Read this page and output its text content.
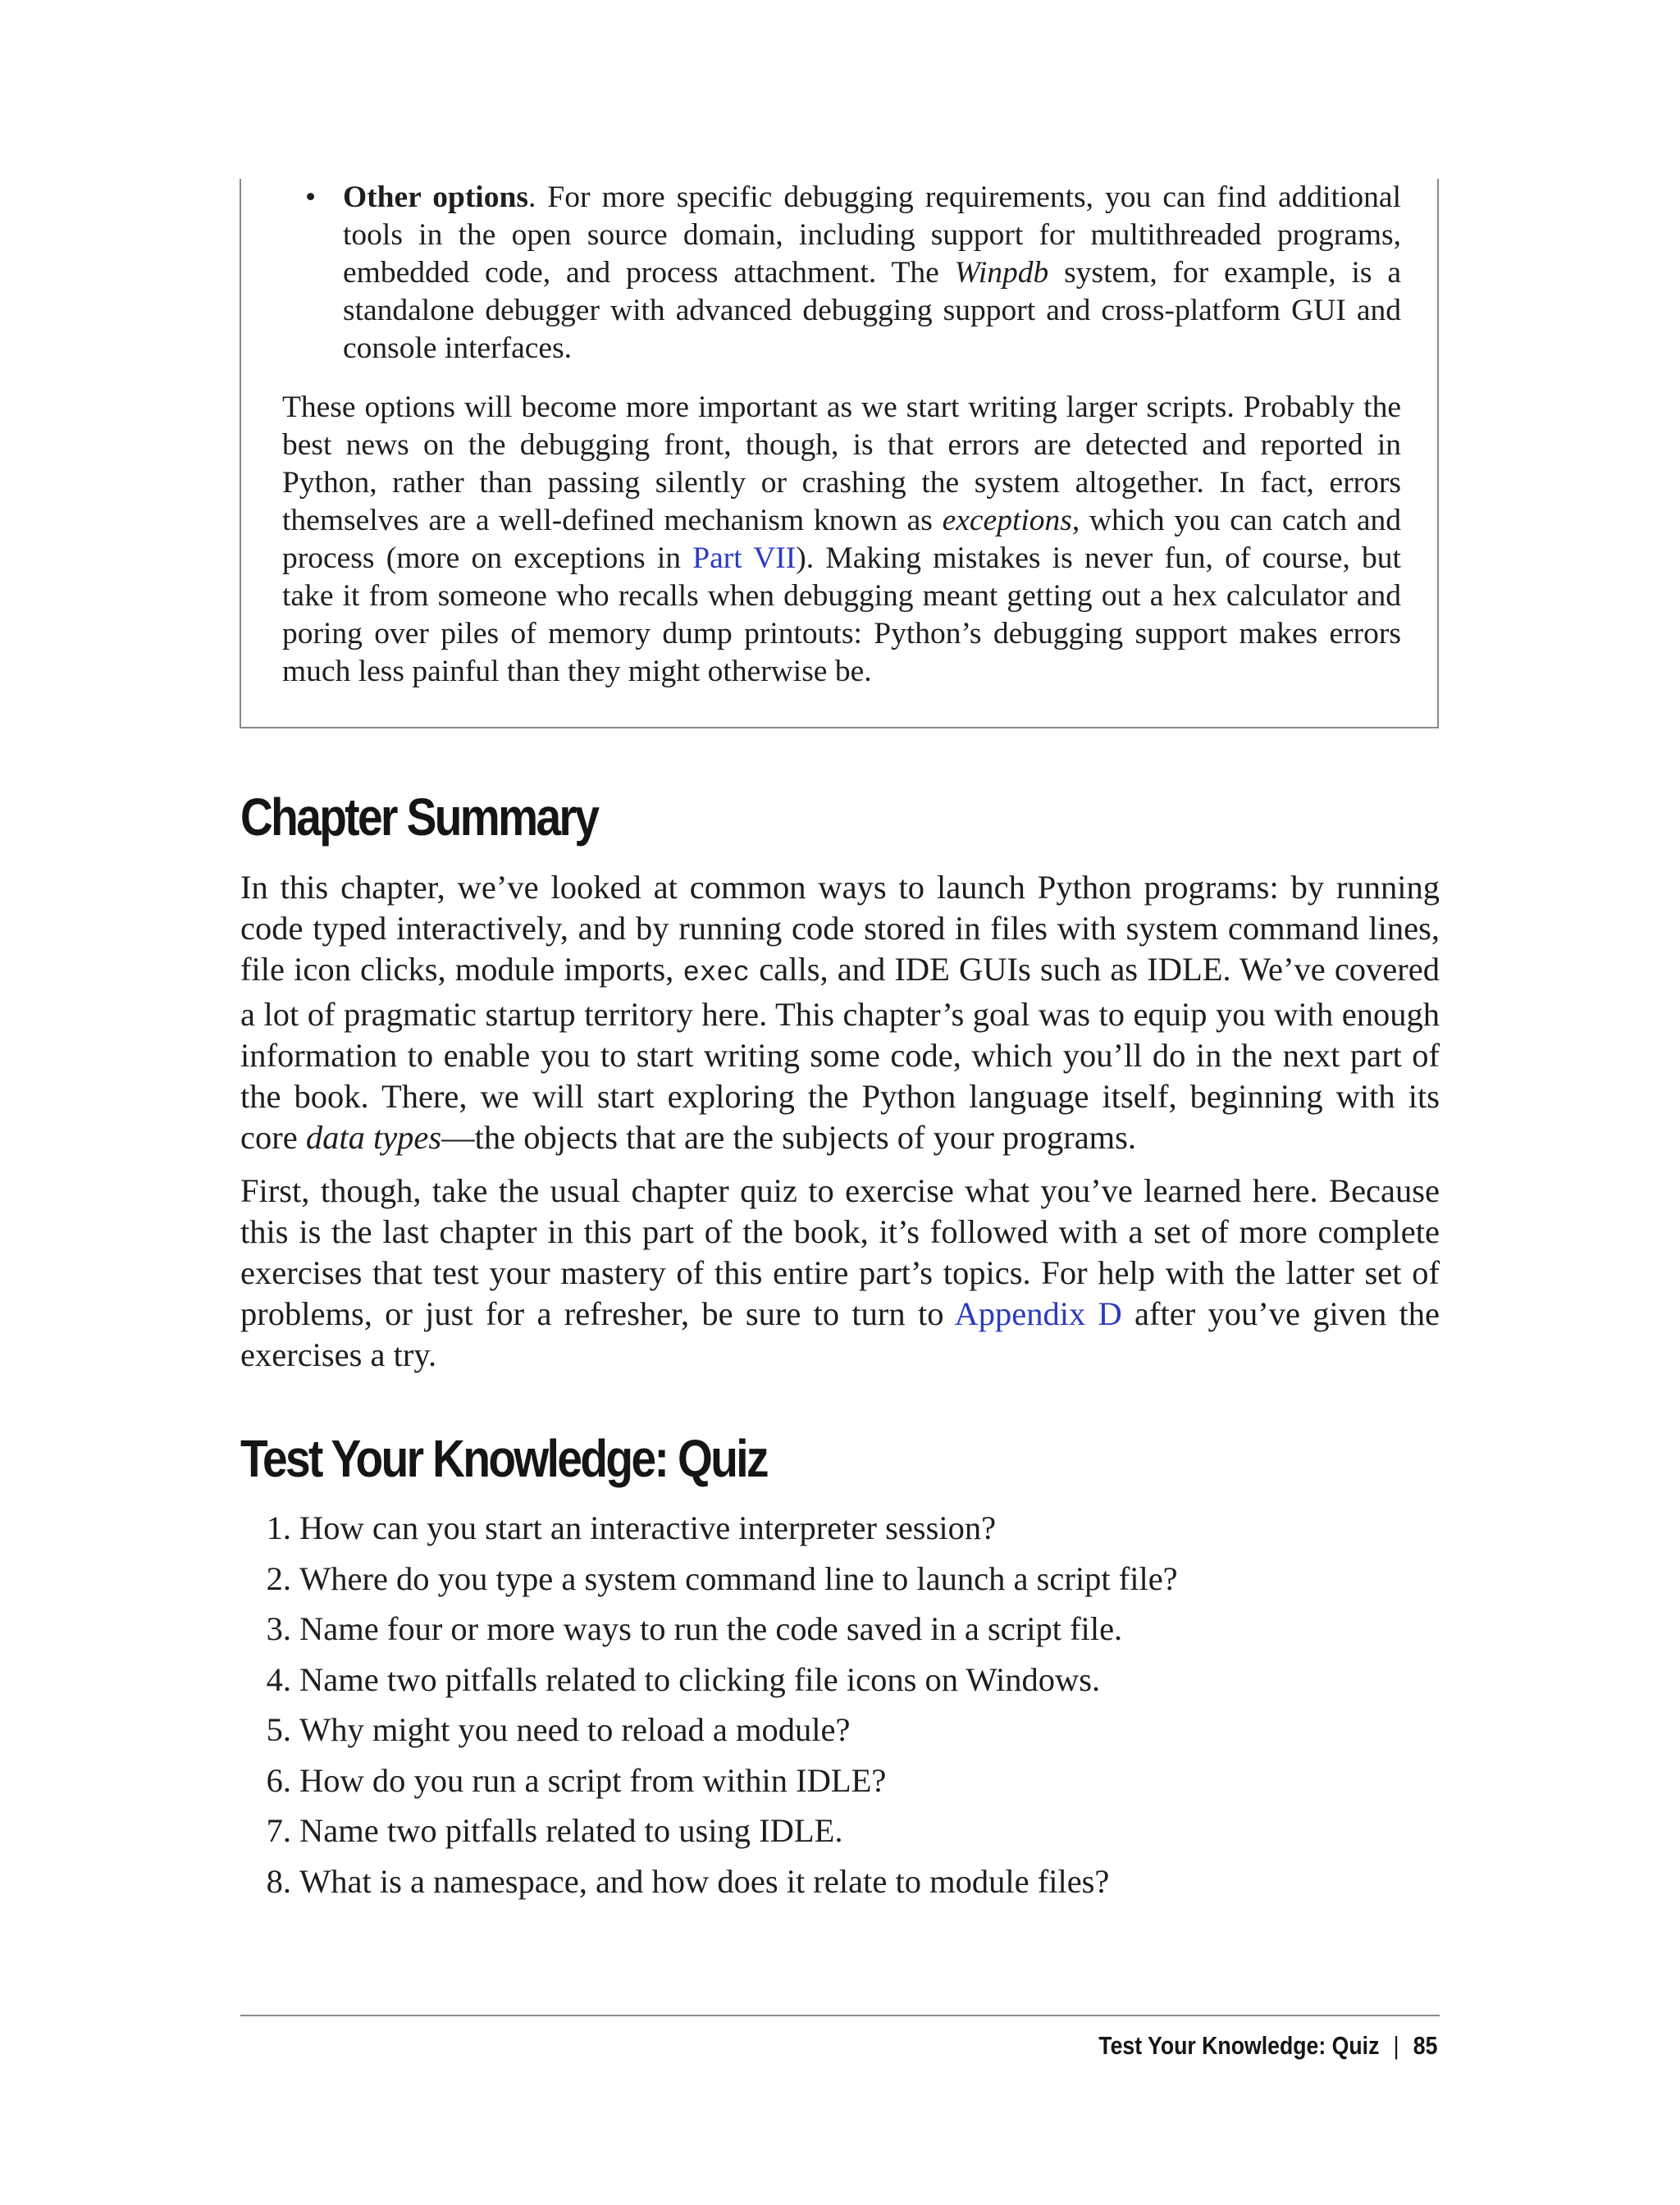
• Other options. For more specific debugging requirements, you can find additional tools in the open source domain, including support for multithreaded programs, embedded code, and process attachment. The Winpdb system, for example, is a standalone debugger with advanced debugging support and cross-platform GUI and console interfaces.

These options will become more important as we start writing larger scripts. Probably the best news on the debugging front, though, is that errors are detected and reported in Python, rather than passing silently or crashing the system altogether. In fact, errors themselves are a well-defined mechanism known as exceptions, which you can catch and process (more on exceptions in Part VII). Making mistakes is never fun, of course, but take it from someone who recalls when debugging meant getting out a hex calculator and poring over piles of memory dump printouts: Python’s debugging support makes errors much less painful than they might otherwise be.

Chapter Summary

In this chapter, we’ve looked at common ways to launch Python programs: by running code typed interactively, and by running code stored in files with system command lines, file icon clicks, module imports, exec calls, and IDE GUIs such as IDLE. We’ve covered a lot of pragmatic startup territory here. This chapter’s goal was to equip you with enough information to enable you to start writing some code, which you’ll do in the next part of the book. There, we will start exploring the Python language itself, beginning with its core data types—the objects that are the subjects of your programs.

First, though, take the usual chapter quiz to exercise what you’ve learned here. Because this is the last chapter in this part of the book, it’s followed with a set of more complete exercises that test your mastery of this entire part’s topics. For help with the latter set of problems, or just for a refresher, be sure to turn to Appendix D after you’ve given the exercises a try.

Test Your Knowledge: Quiz
1. How can you start an interactive interpreter session?
2. Where do you type a system command line to launch a script file?
3. Name four or more ways to run the code saved in a script file.
4. Name two pitfalls related to clicking file icons on Windows.
5. Why might you need to reload a module?
6. How do you run a script from within IDLE?
7. Name two pitfalls related to using IDLE.
8. What is a namespace, and how does it relate to module files?
Test Your Knowledge: Quiz | 85
